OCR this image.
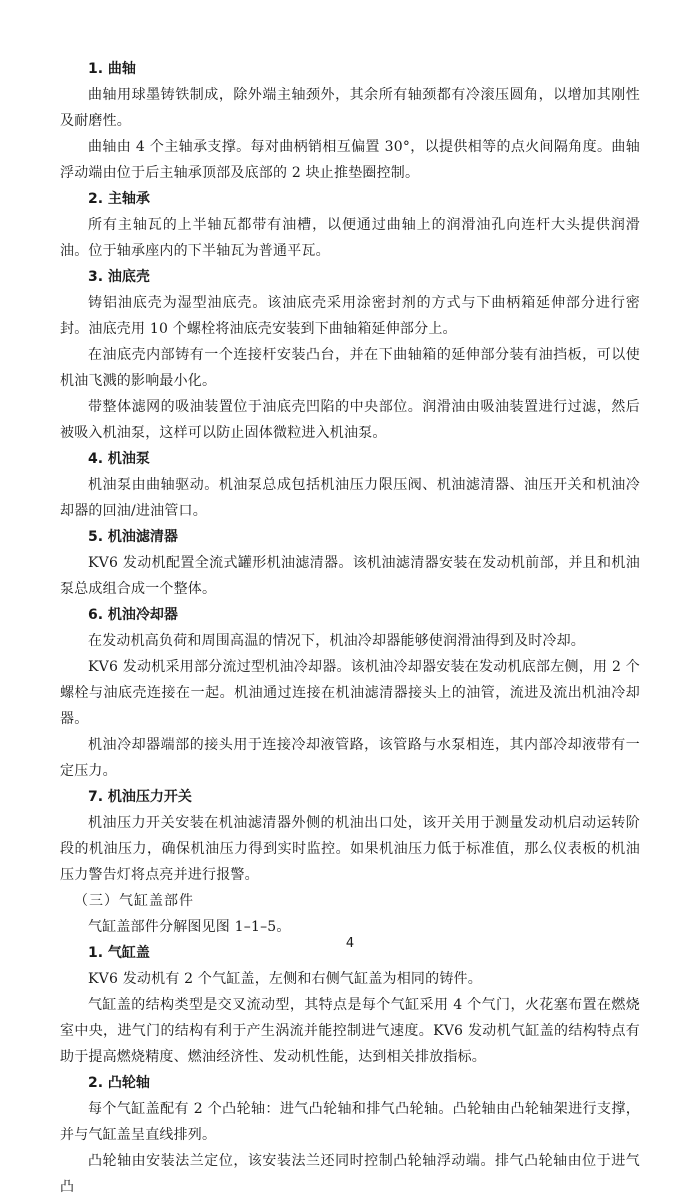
1. 曲轴

曲轴用球墨铸铁制成，除外端主轴颈外，其余所有轴颈都有冷滚压圆角，以增加其刚性及耐磨性。

曲轴由 4 个主轴承支撑。每对曲柄销相互偏置 30°，以提供相等的点火间隔角度。曲轴浮动端由位于后主轴承顶部及底部的 2 块止推垫圈控制。

2. 主轴承

所有主轴瓦的上半轴瓦都带有油槽，以便通过曲轴上的润滑油孔向连杆大头提供润滑油。位于轴承座内的下半轴瓦为普通平瓦。

3. 油底壳

铸铝油底壳为湿型油底壳。该油底壳采用涂密封剂的方式与下曲柄箱延伸部分进行密封。油底壳用 10 个螺栓将油底壳安装到下曲轴箱延伸部分上。

在油底壳内部铸有一个连接杆安装凸台，并在下曲轴箱的延伸部分装有油挡板，可以使机油飞溅的影响最小化。

带整体滤网的吸油装置位于油底壳凹陷的中央部位。润滑油由吸油装置进行过滤，然后被吸入机油泵，这样可以防止固体微粒进入机油泵。

4. 机油泵

机油泵由曲轴驱动。机油泵总成包括机油压力限压阀、机油滤清器、油压开关和机油冷却器的回油/进油管口。

5. 机油滤清器

KV6 发动机配置全流式罐形机油滤清器。该机油滤清器安装在发动机前部，并且和机油泵总成组合成一个整体。

6. 机油冷却器

在发动机高负荷和周围高温的情况下，机油冷却器能够使润滑油得到及时冷却。

KV6 发动机采用部分流过型机油冷却器。该机油冷却器安装在发动机底部左侧，用 2 个螺栓与油底壳连接在一起。机油通过连接在机油滤清器接头上的油管，流进及流出机油冷却器。

机油冷却器端部的接头用于连接冷却液管路，该管路与水泵相连，其内部冷却液带有一定压力。

7. 机油压力开关

机油压力开关安装在机油滤清器外侧的机油出口处，该开关用于测量发动机启动运转阶段的机油压力，确保机油压力得到实时监控。如果机油压力低于标准值，那么仪表板的机油压力警告灯将点亮并进行报警。

（三）气缸盖部件

气缸盖部件分解图见图 1–1–5。

1. 气缸盖

KV6 发动机有 2 个气缸盖，左侧和右侧气缸盖为相同的铸件。

气缸盖的结构类型是交叉流动型，其特点是每个气缸采用 4 个气门，火花塞布置在燃烧室中央，进气门的结构有利于产生涡流并能控制进气速度。KV6 发动机气缸盖的结构特点有助于提高燃烧精度、燃油经济性、发动机性能，达到相关排放指标。

2. 凸轮轴

每个气缸盖配有 2 个凸轮轴：进气凸轮轴和排气凸轮轴。凸轮轴由凸轮轴架进行支撑，并与气缸盖呈直线排列。

凸轮轴由安装法兰定位，该安装法兰还同时控制凸轮轴浮动端。排气凸轮轴由位于进气凸

4
